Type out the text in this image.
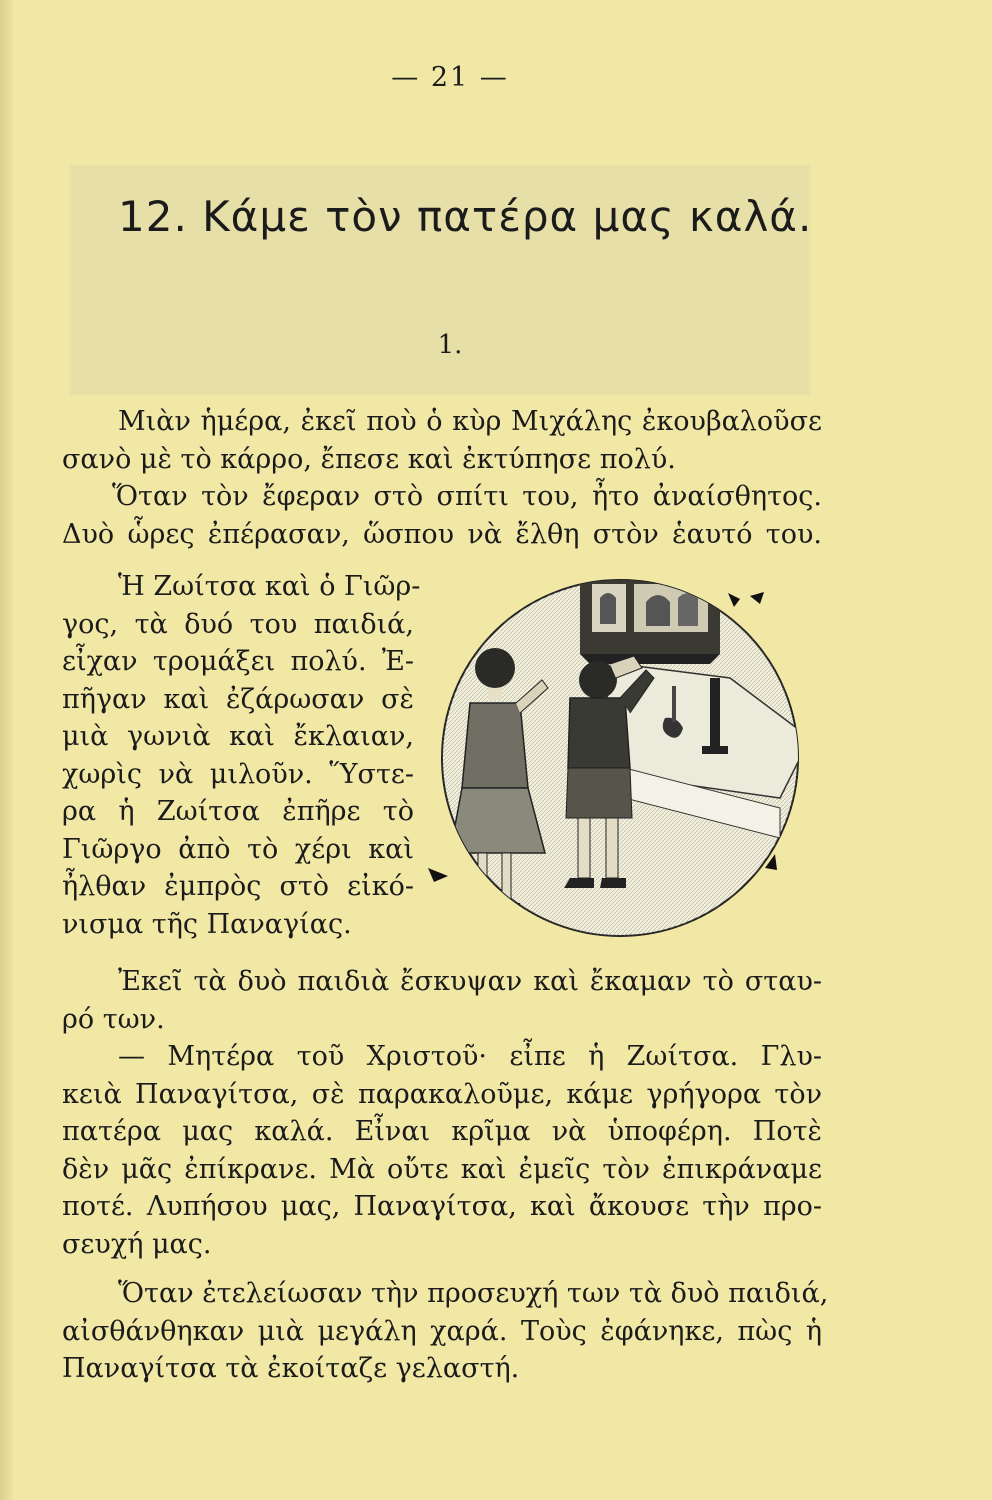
— 21 —
12. Κάμε τὸν πατέρα μας καλά.
1.
Μιὰν ἡμέρα, ἐκεῖ ποὺ ὁ κὺρ Μιχάλης ἐκουβαλοῦσε
σανὸ μὲ τὸ κάρρο, ἔπεσε καὶ ἐκτύπησε πολύ.
Ὅταν τὸν ἔφεραν στὸ σπίτι του, ἦτο ἀναίσθητος.
Δυὸ ὧρες ἐπέρασαν, ὥσπου νὰ ἔλθη στὸν ἑαυτό του.
Ἡ Ζωίτσα καὶ ὁ Γιῶρ-
γος, τὰ δυό του παιδιά,
εἶχαν τρομάξει πολύ. Ἐ-
πῆγαν καὶ ἐζάρωσαν σὲ
μιὰ γωνιὰ καὶ ἔκλαιαν,
χωρὶς νὰ μιλοῦν. Ὕστε-
ρα ἡ Ζωίτσα ἐπῆρε τὸ
Γιῶργο ἀπὸ τὸ χέρι καὶ
ἦλθαν ἐμπρὸς στὸ εἰκό-
νισμα τῆς Παναγίας.
Ἐκεῖ τὰ δυὸ παιδιὰ ἔσκυψαν καὶ ἔκαμαν τὸ σταυ-
ρό των.
— Μητέρα τοῦ Χριστοῦ· εἶπε ἡ Ζωίτσα. Γλυ-
κειὰ Παναγίτσα, σὲ παρακαλοῦμε, κάμε γρήγορα τὸν
πατέρα μας καλά. Εἶναι κρῖμα νὰ ὑποφέρη. Ποτὲ
δὲν μᾶς ἐπίκρανε. Μὰ οὔτε καὶ ἐμεῖς τὸν ἐπικράναμε
ποτέ. Λυπήσου μας, Παναγίτσα, καὶ ἄκουσε τὴν προ-
σευχή μας.
Ὅταν ἐτελείωσαν τὴν προσευχή των τὰ δυὸ παιδιά,
αἰσθάνθηκαν μιὰ μεγάλη χαρά. Τοὺς ἐφάνηκε, πὼς ἡ
Παναγίτσα τὰ ἐκοίταζε γελαστή.
